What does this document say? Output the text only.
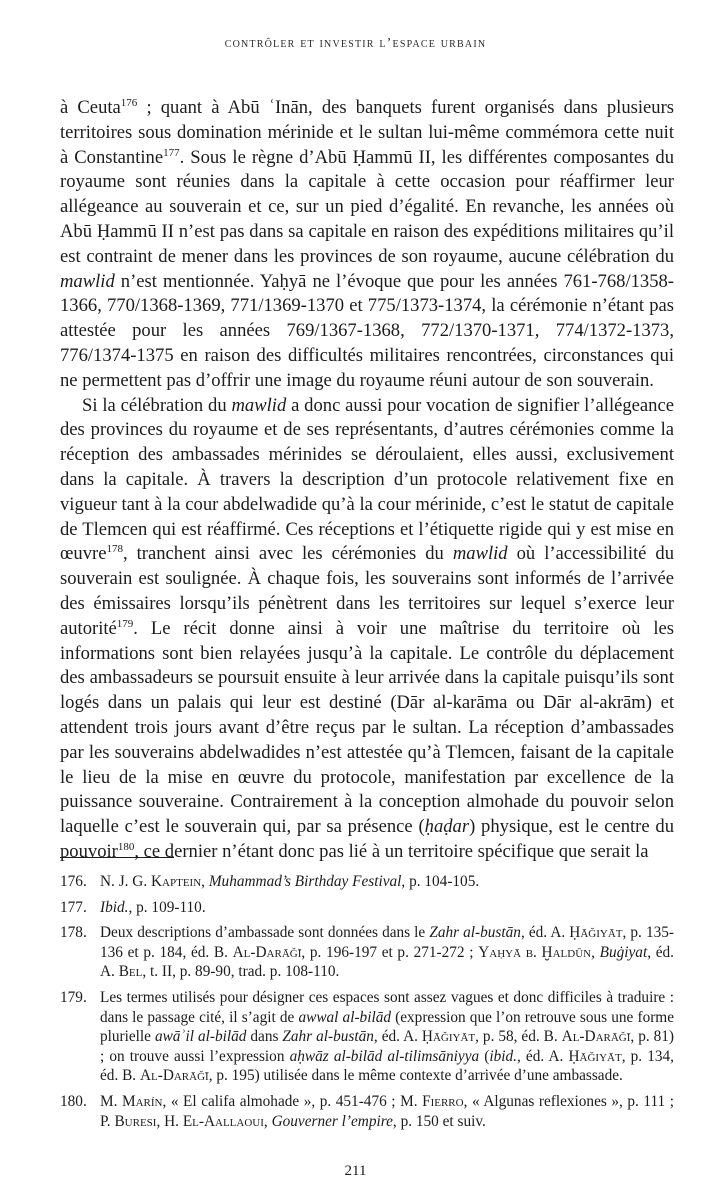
contrôler et investir l’espace urbain

à Ceuta$^{176}$ ; quant à Abū ʿInān, des banquets furent organisés dans plusieurs territoires sous domination mérinide et le sultan lui-même commémora cette nuit à Constantine$^{177}$. Sous le règne d’Abū Ḥammū II, les différentes composantes du royaume sont réunies dans la capitale à cette occasion pour réaffirmer leur allégeance au souverain et ce, sur un pied d’égalité. En revanche, les années où Abū Ḥammū II n’est pas dans sa capitale en raison des expéditions militaires qu’il est contraint de mener dans les provinces de son royaume, aucune célébration du mawlid n’est mentionnée. Yaḥyā ne l’évoque que pour les années 761-768/1358-1366, 770/1368-1369, 771/1369-1370 et 775/1373-1374, la cérémonie n’étant pas attestée pour les années 769/1367-1368, 772/1370-1371, 774/1372-1373, 776/1374-1375 en raison des difficultés militaires rencontrées, circonstances qui ne permettent pas d’offrir une image du royaume réuni autour de son souverain.

Si la célébration du mawlid a donc aussi pour vocation de signifier l’allégeance des provinces du royaume et de ses représentants, d’autres cérémonies comme la réception des ambassades mérinides se déroulaient, elles aussi, exclusivement dans la capitale. À travers la description d’un protocole relativement fixe en vigueur tant à la cour abdelwadide qu’à la cour mérinide, c’est le statut de capitale de Tlemcen qui est réaffirmé. Ces réceptions et l’étiquette rigide qui y est mise en œuvre$^{178}$, tranchent ainsi avec les cérémonies du mawlid où l’accessibilité du souverain est soulignée. À chaque fois, les souverains sont informés de l’arrivée des émissaires lorsqu’ils pénètrent dans les territoires sur lequel s’exerce leur autorité$^{179}$. Le récit donne ainsi à voir une maîtrise du territoire où les informations sont bien relayées jusqu’à la capitale. Le contrôle du déplacement des ambassadeurs se poursuit ensuite à leur arrivée dans la capitale puisqu’ils sont logés dans un palais qui leur est destiné (Dār al-karāma ou Dār al-akrām) et attendent trois jours avant d’être reçus par le sultan. La réception d’ambassades par les souverains abdelwadides n’est attestée qu’à Tlemcen, faisant de la capitale le lieu de la mise en œuvre du protocole, manifestation par excellence de la puissance souveraine. Contrairement à la conception almohade du pouvoir selon laquelle c’est le souverain qui, par sa présence (ḥaḍar) physique, est le centre du pouvoir$^{180}$, ce dernier n’étant donc pas lié à un territoire spécifique que serait la

176. N. J. G. Kaptein, Muhammad’s Birthday Festival, p. 104-105.
177. Ibid., p. 109-110.
178. Deux descriptions d’ambassade sont données dans le Zahr al-bustān, éd. A. Ḥāǧiyāt, p. 135-136 et p. 184, éd. B. Al-Darāǧī, p. 196-197 et p. 271-272 ; Yaḥyā b. Ḫaldūn, Buġiyat, éd. A. Bel, t. II, p. 89-90, trad. p. 108-110.
179. Les termes utilisés pour désigner ces espaces sont assez vagues et donc difficiles à traduire : dans le passage cité, il s’agit de awwal al-bilād (expression que l’on retrouve sous une forme plurielle awāʾil al-bilād dans Zahr al-bustān, éd. A. Ḥāǧiyāt, p. 58, éd. B. Al-Darāǧī, p. 81) ; on trouve aussi l’expression aḥwāz al-bilād al-tilimsāniyya (ibid., éd. A. Ḥāǧiyāt, p. 134, éd. B. Al-Darāǧī, p. 195) utilisée dans le même contexte d’arrivée d’une ambassade.
180. M. Marín, « El califa almohade », p. 451-476 ; M. Fierro, « Algunas reflexiones », p. 111 ; P. Buresi, H. El-Aallaoui, Gouverner l’empire, p. 150 et suiv.
211
